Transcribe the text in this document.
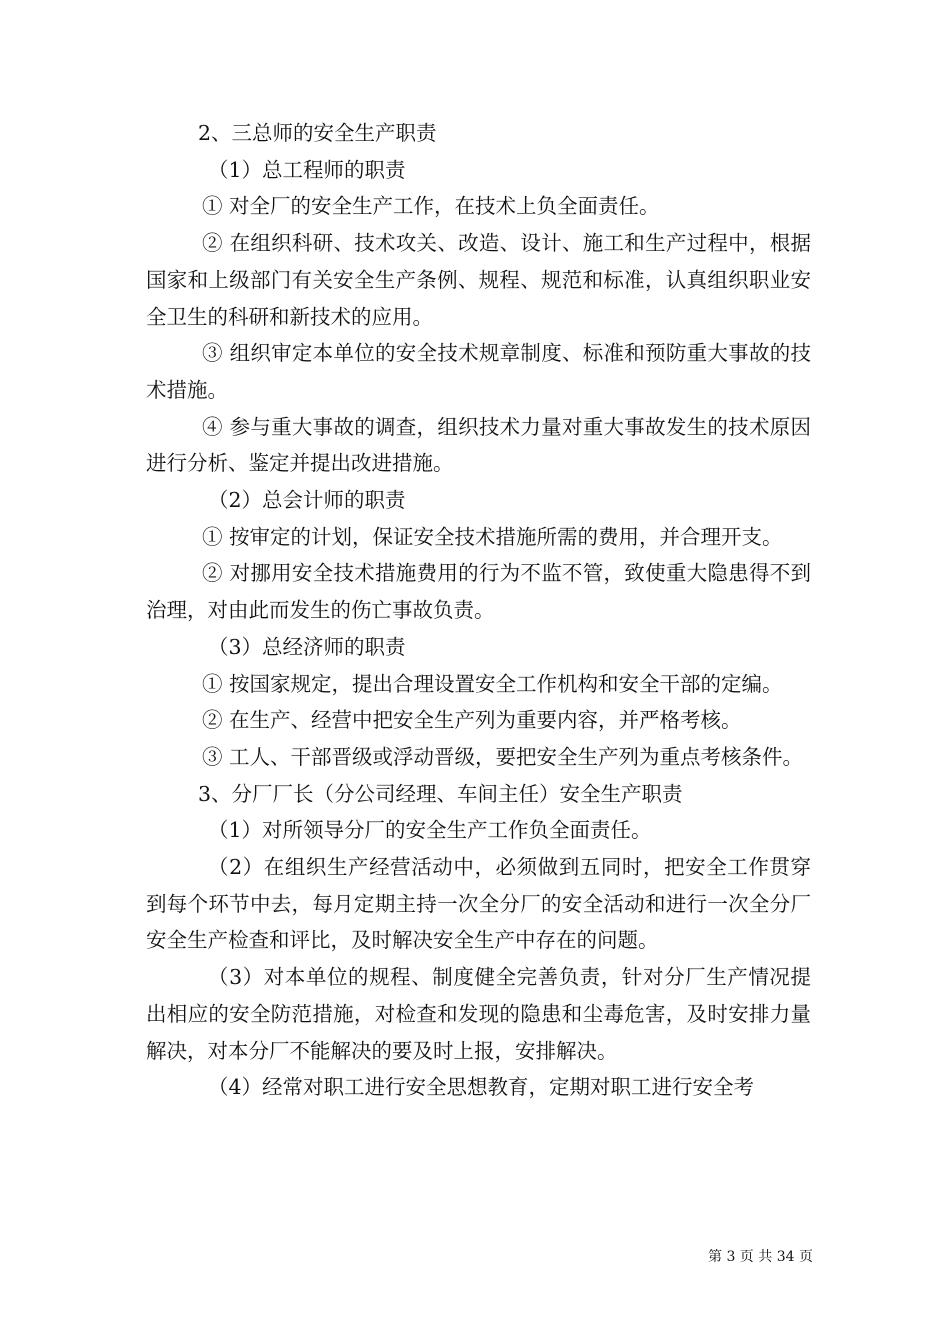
2、三总师的安全生产职责

（1）总工程师的职责

① 对全厂的安全生产工作，在技术上负全面责任。

② 在组织科研、技术攻关、改造、设计、施工和生产过程中，根据国家和上级部门有关安全生产条例、规程、规范和标准，认真组织职业安全卫生的科研和新技术的应用。

③ 组织审定本单位的安全技术规章制度、标准和预防重大事故的技术措施。

④ 参与重大事故的调查，组织技术力量对重大事故发生的技术原因进行分析、鉴定并提出改进措施。

（2）总会计师的职责

① 按审定的计划，保证安全技术措施所需的费用，并合理开支。

② 对挪用安全技术措施费用的行为不监不管，致使重大隐患得不到治理，对由此而发生的伤亡事故负责。

（3）总经济师的职责

① 按国家规定，提出合理设置安全工作机构和安全干部的定编。

② 在生产、经营中把安全生产列为重要内容，并严格考核。

③ 工人、干部晋级或浮动晋级，要把安全生产列为重点考核条件。

3、分厂厂长（分公司经理、车间主任）安全生产职责

（1）对所领导分厂的安全生产工作负全面责任。

（2）在组织生产经营活动中，必须做到五同时，把安全工作贯穿到每个环节中去，每月定期主持一次全分厂的安全活动和进行一次全分厂安全生产检查和评比，及时解决安全生产中存在的问题。

（3）对本单位的规程、制度健全完善负责，针对分厂生产情况提出相应的安全防范措施，对检查和发现的隐患和尘毒危害，及时安排力量解决，对本分厂不能解决的要及时上报，安排解决。

（4）经常对职工进行安全思想教育，定期对职工进行安全考

第 3 页 共 34 页
